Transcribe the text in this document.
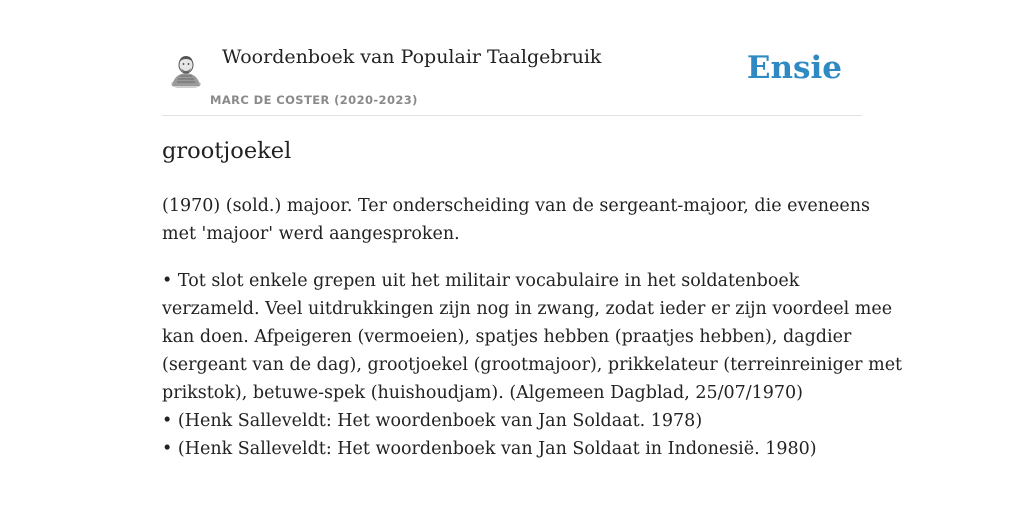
Woordenboek van Populair Taalgebruik
MARC DE COSTER (2020-2023)
Ensie
grootjoekel

(1970) (sold.) majoor. Ter onderscheiding van de sergeant-majoor, die eveneens
met 'majoor' werd aangesproken.

• Tot slot enkele grepen uit het militair vocabulaire in het soldatenboek
verzameld. Veel uitdrukkingen zijn nog in zwang, zodat ieder er zijn voordeel mee
kan doen. Afpeigeren (vermoeien), spatjes hebben (praatjes hebben), dagdier
(sergeant van de dag), grootjoekel (grootmajoor), prikkelateur (terreinreiniger met
prikstok), betuwe-spek (huishoudjam). (Algemeen Dagblad, 25/07/1970)
• (Henk Salleveldt: Het woordenboek van Jan Soldaat. 1978)
• (Henk Salleveldt: Het woordenboek van Jan Soldaat in Indonesië. 1980)
